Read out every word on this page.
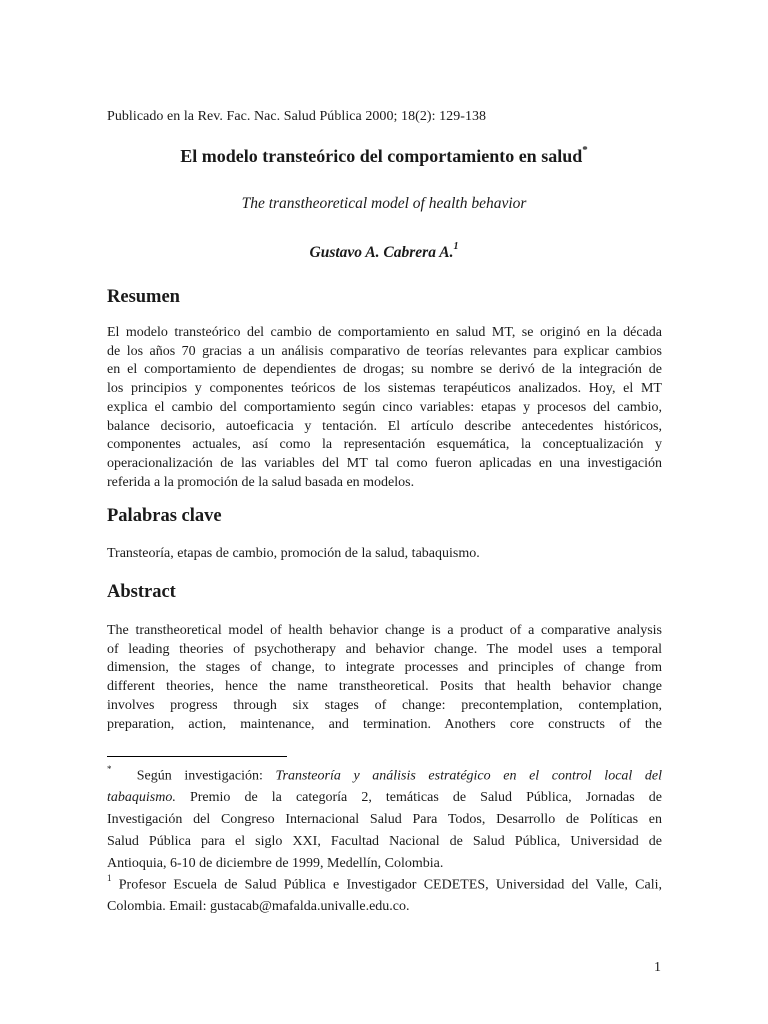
Publicado en la Rev. Fac. Nac. Salud Pública 2000; 18(2): 129-138
El modelo transteórico del comportamiento en salud*
The transtheoretical model of health behavior
Gustavo A. Cabrera A.$^1$
Resumen
El modelo transteórico del cambio de comportamiento en salud MT, se originó en la década
de los años 70 gracias a un análisis comparativo de teorías relevantes para explicar cambios
en el comportamiento de dependientes de drogas; su nombre se derivó de la integración de
los principios y componentes teóricos de los sistemas terapéuticos analizados. Hoy, el MT
explica el cambio del comportamiento según cinco variables: etapas y procesos del cambio,
balance decisorio, autoeficacia y tentación. El artículo describe antecedentes históricos,
componentes actuales, así como la representación esquemática, la conceptualización y
operacionalización de las variables del MT tal como fueron aplicadas en una investigación
referida a la promoción de la salud basada en modelos.
Palabras clave
Transteoría, etapas de cambio, promoción de la salud, tabaquismo.
Abstract
The transtheoretical model of health behavior change is a product of a comparative analysis
of leading theories of psychotherapy and behavior change. The model uses a temporal
dimension, the stages of change, to integrate processes and principles of change from
different theories, hence the name transtheoretical. Posits that health behavior change
involves progress through six stages of change: precontemplation, contemplation,
preparation, action, maintenance, and termination. Anothers core constructs of the
* Según investigación: Transteoría y análisis estratégico en el control local del
tabaquismo. Premio de la categoría 2, temáticas de Salud Pública, Jornadas de
Investigación del Congreso Internacional Salud Para Todos, Desarrollo de Políticas en
Salud Pública para el siglo XXI, Facultad Nacional de Salud Pública, Universidad de
Antioquia, 6-10 de diciembre de 1999, Medellín, Colombia.
$^1$ Profesor Escuela de Salud Pública e Investigador CEDETES, Universidad del Valle, Cali,
Colombia. Email: gustacab@mafalda.univalle.edu.co.
1
